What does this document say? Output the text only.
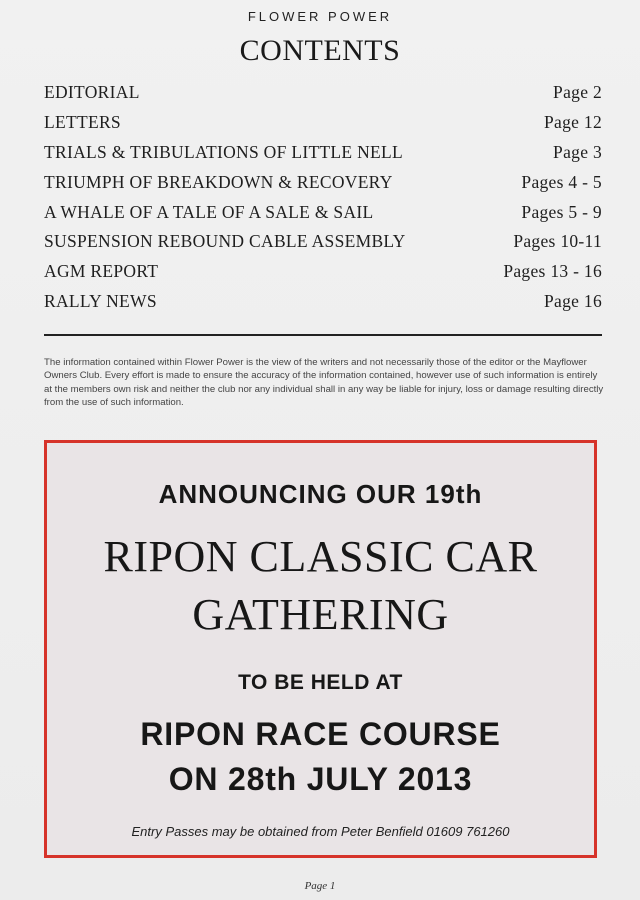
FLOWER POWER
CONTENTS
EDITORIAL	Page 2
LETTERS	Page 12
TRIALS & TRIBULATIONS OF LITTLE NELL	Page 3
TRIUMPH OF BREAKDOWN & RECOVERY	Pages 4 - 5
A WHALE OF A TALE OF A SALE & SAIL	Pages 5 - 9
SUSPENSION REBOUND CABLE ASSEMBLY	Pages 10-11
AGM REPORT	Pages 13 - 16
RALLY NEWS	Page 16
The information contained within Flower Power is the view of the writers and not necessarily those of the editor or the Mayflower Owners Club. Every effort is made to ensure the accuracy of the information contained, however use of such information is entirely at the members own risk and neither the club nor any individual shall in any way be liable for injury, loss or damage resulting directly from the use of such information.
ANNOUNCING OUR 19th
RIPON CLASSIC CAR
GATHERING
TO BE HELD AT
RIPON RACE COURSE
ON 28th JULY 2013
Entry Passes may be obtained from Peter Benfield 01609 761260
Page 1
